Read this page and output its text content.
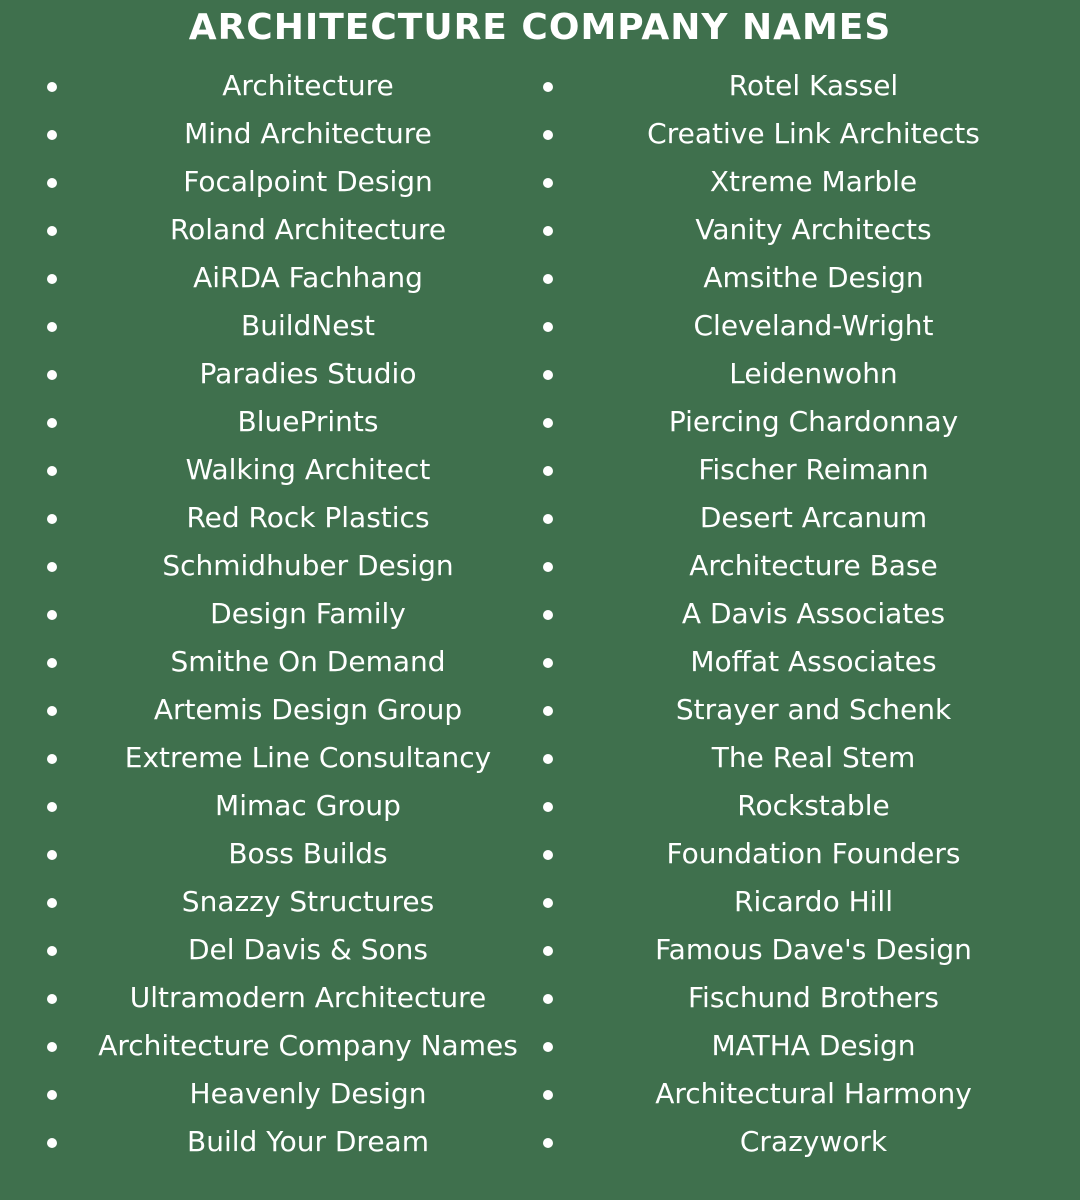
ARCHITECTURE COMPANY NAMES
Architecture
Mind Architecture
Focalpoint Design
Roland Architecture
AiRDA Fachhang
BuildNest
Paradies Studio
BluePrints
Walking Architect
Red Rock Plastics
Schmidhuber Design
Design Family
Smithe On Demand
Artemis Design Group
Extreme Line Consultancy
Mimac Group
Boss Builds
Snazzy Structures
Del Davis & Sons
Ultramodern Architecture
Architecture Company Names
Heavenly Design
Build Your Dream
Rotel Kassel
Creative Link Architects
Xtreme Marble
Vanity Architects
Amsithe Design
Cleveland-Wright
Leidenwohn
Piercing Chardonnay
Fischer Reimann
Desert Arcanum
Architecture Base
A Davis Associates
Moffat Associates
Strayer and Schenk
The Real Stem
Rockstable
Foundation Founders
Ricardo Hill
Famous Dave's Design
Fischund Brothers
MATHA Design
Architectural Harmony
Crazywork
